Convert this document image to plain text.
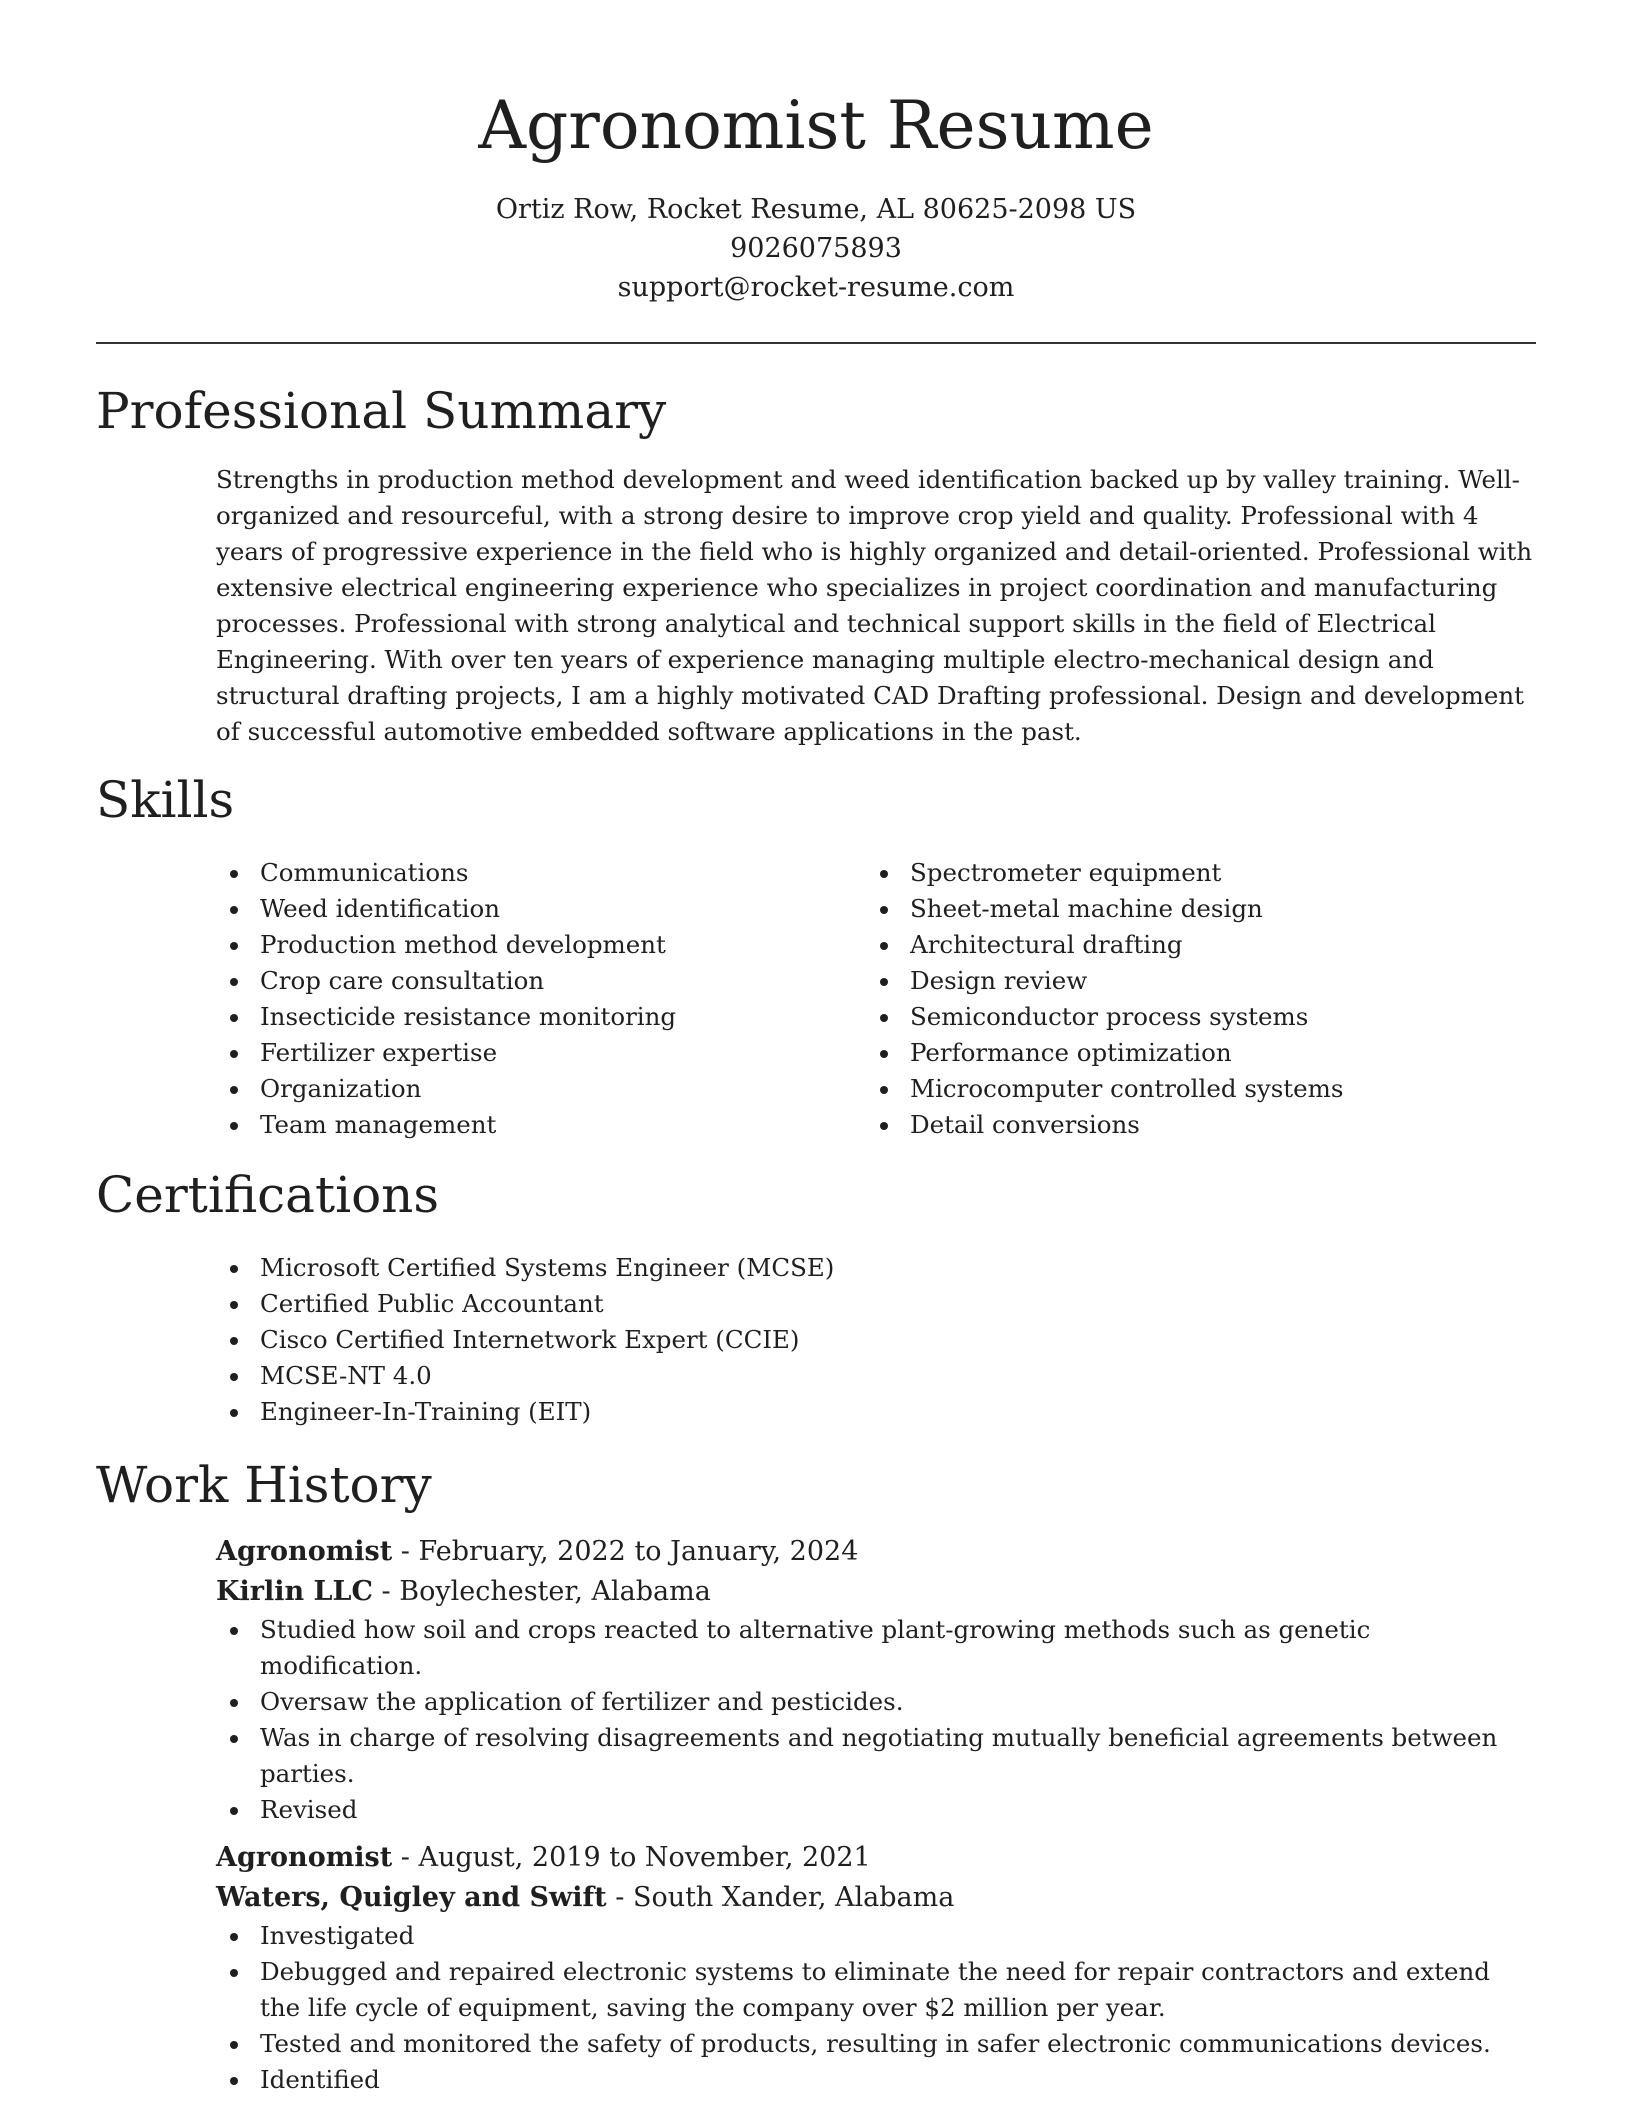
Agronomist Resume

Ortiz Row, Rocket Resume, AL 80625-2098 US

9026075893

support@rocket-resume.com

Professional Summary

Strengths in production method development and weed identification backed up by valley training. Well-organized and resourceful, with a strong desire to improve crop yield and quality. Professional with 4 years of progressive experience in the field who is highly organized and detail-oriented. Professional with extensive electrical engineering experience who specializes in project coordination and manufacturing processes. Professional with strong analytical and technical support skills in the field of Electrical Engineering. With over ten years of experience managing multiple electro-mechanical design and structural drafting projects, I am a highly motivated CAD Drafting professional. Design and development of successful automotive embedded software applications in the past.

Skills
Communications
Weed identification
Production method development
Crop care consultation
Insecticide resistance monitoring
Fertilizer expertise
Organization
Team management
Spectrometer equipment
Sheet-metal machine design
Architectural drafting
Design review
Semiconductor process systems
Performance optimization
Microcomputer controlled systems
Detail conversions
Certifications
Microsoft Certified Systems Engineer (MCSE)
Certified Public Accountant
Cisco Certified Internetwork Expert (CCIE)
MCSE-NT 4.0
Engineer-In-Training (EIT)
Work History

Agronomist - February, 2022 to January, 2024

Kirlin LLC - Boylechester, Alabama

Studied how soil and crops reacted to alternative plant-growing methods such as genetic modification.
Oversaw the application of fertilizer and pesticides.
Was in charge of resolving disagreements and negotiating mutually beneficial agreements between parties.
Revised

Agronomist - August, 2019 to November, 2021

Waters, Quigley and Swift - South Xander, Alabama

Investigated
Debugged and repaired electronic systems to eliminate the need for repair contractors and extend the life cycle of equipment, saving the company over $2 million per year.
Tested and monitored the safety of products, resulting in safer electronic communications devices.
Identified
